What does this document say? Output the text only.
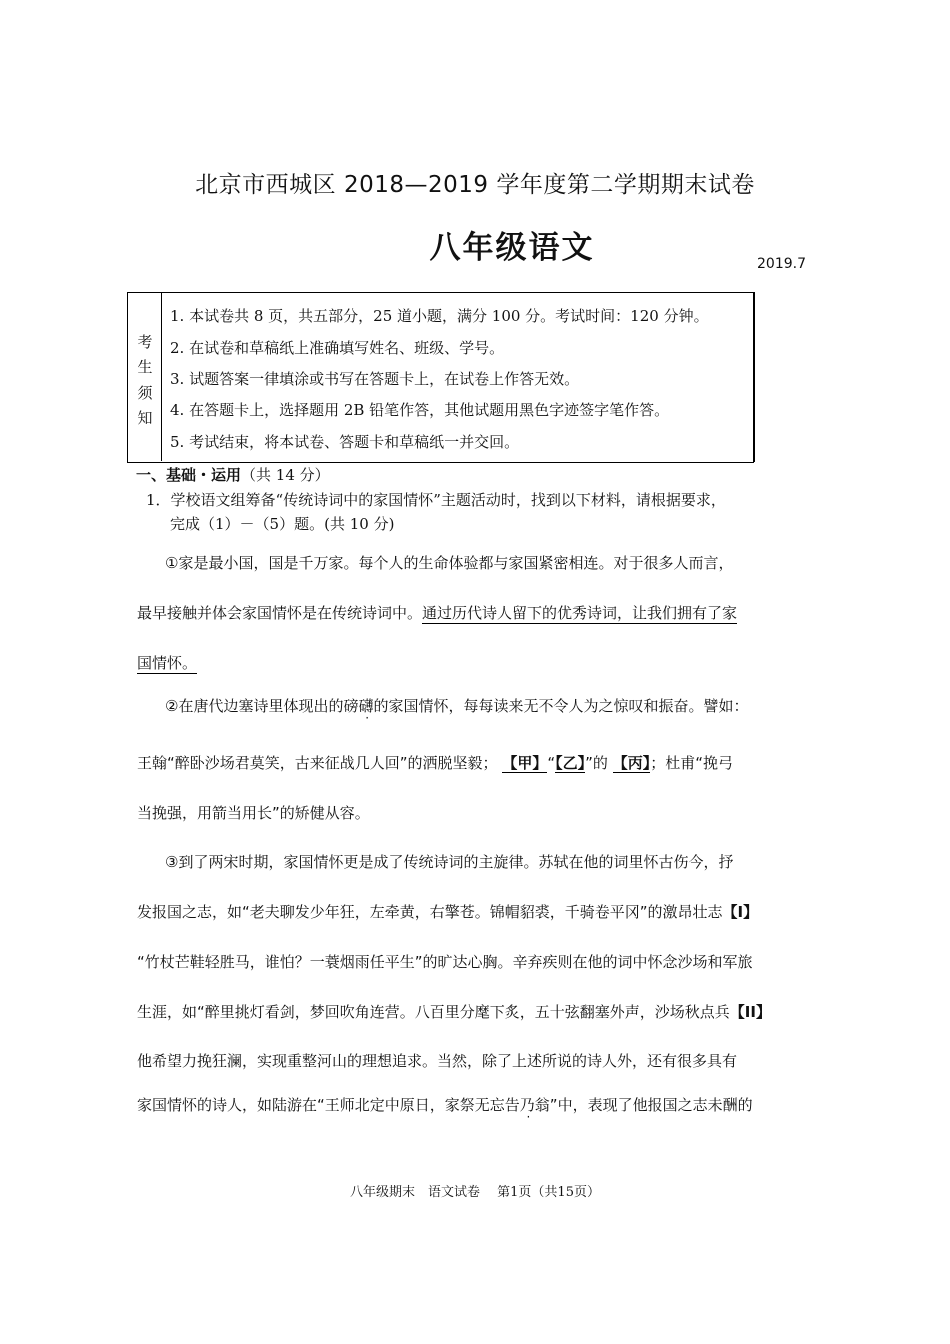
北京市西城区 2018—2019 学年度第二学期期末试卷
八年级语文	2019.7
考
生
须
知
1. 本试卷共 8 页，共五部分，25 道小题，满分 100 分。考试时间：120 分钟。
2. 在试卷和草稿纸上准确填写姓名、班级、学号。
3. 试题答案一律填涂或书写在答题卡上，在试卷上作答无效。
4. 在答题卡上，选择题用 2B 铅笔作答，其他试题用黑色字迹签字笔作答。
5. 考试结束，将本试卷、答题卡和草稿纸一并交回。
一、基础・运用（共 14 分）
1．学校语文组筹备“传统诗词中的家国情怀”主题活动时，找到以下材料，请根据要求，
完成（1）－（5）题。(共 10 分)
①家是最小国，国是千万家。每个人的生命体验都与家国紧密相连。对于很多人而言，
最早接触并体会家国情怀是在传统诗词中。通过历代诗人留下的优秀诗词，让我们拥有了家
国情怀。
②在唐代边塞诗里体现出的磅礴的家国情怀，每每读来无不令人为之惊叹和振奋。譬如：
王翰“醉卧沙场君莫笑，古来征战几人回”的洒脱坚毅； 【甲】“【乙】”的 【丙】；杜甫“挽弓
当挽强，用箭当用长”的矫健从容。
③到了两宋时期，家国情怀更是成了传统诗词的主旋律。苏轼在他的词里怀古伤今，抒
发报国之志，如“老夫聊发少年狂，左牵黄，右擎苍。锦帽貂裘，千骑卷平冈”的激昂壮志【I】
“竹杖芒鞋轻胜马，谁怕？一蓑烟雨任平生”的旷达心胸。辛弃疾则在他的词中怀念沙场和军旅
生涯，如“醉里挑灯看剑，梦回吹角连营。八百里分麾下炙，五十弦翻塞外声，沙场秋点兵【II】
他希望力挽狂澜，实现重整河山的理想追求。当然，除了上述所说的诗人外，还有很多具有
家国情怀的诗人，如陆游在“王师北定中原日，家祭无忘告乃翁”中，表现了他报国之志未酬的
八年级期末　语文试卷　 第1页（共15页）
